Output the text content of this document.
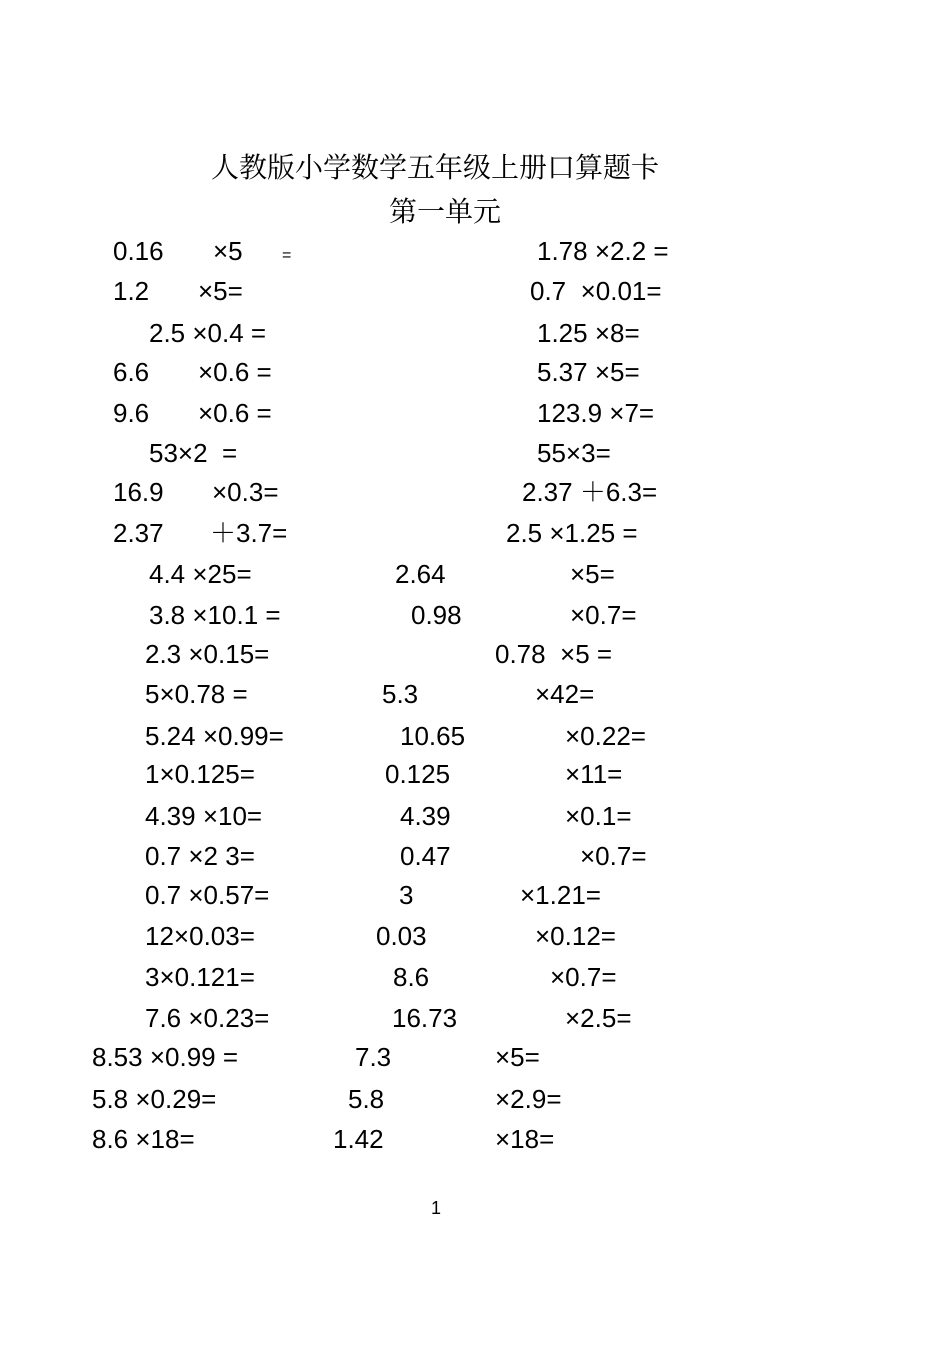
人教版小学数学五年级上册口算题卡
第一单元
0.16 ×5 =	1.78 ×2.2 =
1.2 ×5=	0.7  ×0.01=
2.5 ×0.4 =	1.25 ×8=
6.6 ×0.6 =	5.37 ×5=
9.6 ×0.6 =	123.9 ×7=
53×2  =	55×3=
16.9 ×0.3=	2.37 ＋6.3=
2.37 ＋3.7=	2.5 ×1.25 =
4.4 ×25=	2.64	×5=
3.8 ×10.1 =	0.98	×0.7=
2.3 ×0.15=	0.78  ×5 =
5×0.78 =	5.3	×42=
5.24 ×0.99=	10.65	×0.22=
1×0.125=	0.125	×11=
4.39 ×10=	4.39	×0.1=
0.7 ×2 3=	0.47	×0.7=
0.7 ×0.57=	3	×1.21=
12×0.03=	0.03	×0.12=
3×0.121=	8.6	×0.7=
7.6 ×0.23=	16.73	×2.5=
8.53 ×0.99 =	7.3	×5=
5.8 ×0.29=	5.8	×2.9=
8.6 ×18=	1.42	×18=
1
